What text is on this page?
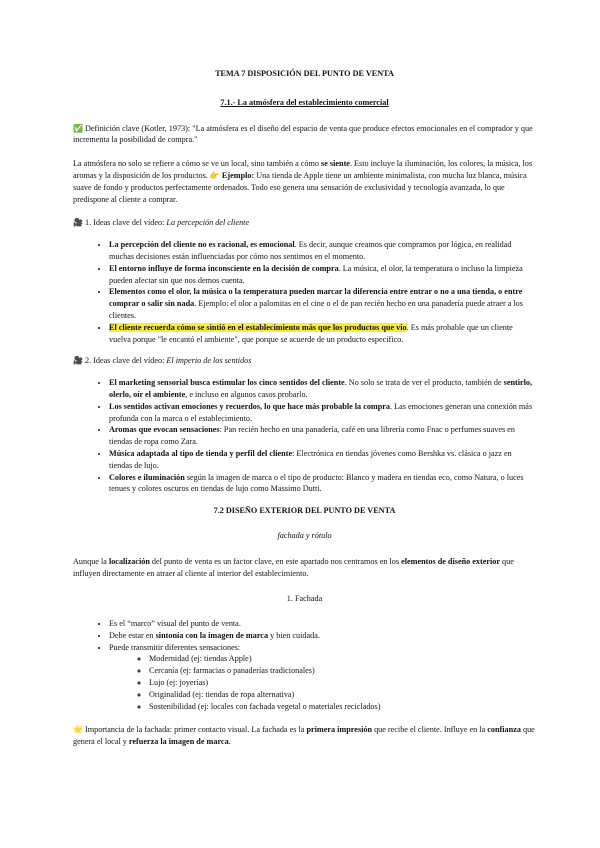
TEMA 7 DISPOSICIÓN DEL PUNTO DE VENTA
7.1.- La atmósfera del establecimiento comercial

✅ Definición clave (Kotler, 1973): "La atmósfera es el diseño del espacio de venta que produce efectos emocionales en el comprador y que incrementa la posibilidad de compra."

La atmósfera no solo se refiere a cómo se ve un local, sino también a cómo se siente. Esto incluye la iluminación, los colores, la música, los aromas y la disposición de los productos. 👉 Ejemplo: Una tienda de Apple tiene un ambiente minimalista, con mucha luz blanca, música suave de fondo y productos perfectamente ordenados. Todo eso genera una sensación de exclusividad y tecnología avanzada, lo que predispone al cliente a comprar.

🎥 1. Ideas clave del vídeo: La percepción del cliente

• La percepción del cliente no es racional, es emocional. Es decir, aunque creamos que compramos por lógica, en realidad muchas decisiones están influenciadas por cómo nos sentimos en el momento.
• El entorno influye de forma inconsciente en la decisión de compra. La música, el olor, la temperatura o incluso la limpieza pueden afectar sin que nos demos cuenta.
• Elementos como el olor, la música o la temperatura pueden marcar la diferencia entre entrar o no a una tienda, o entre comprar o salir sin nada. Ejemplo: el olor a palomitas en el cine o el de pan recién hecho en una panadería puede atraer a los clientes.
• El cliente recuerda cómo se sintió en el establecimiento más que los productos que vio. Es más probable que un cliente vuelva porque "le encantó el ambiente", que porque se acuerde de un producto específico.

🎥 2. Ideas clave del vídeo: El imperio de los sentidos

• El marketing sensorial busca estimular los cinco sentidos del cliente. No solo se trata de ver el producto, también de sentirlo, olerlo, oír el ambiente, e incluso en algunos casos probarlo.
• Los sentidos activan emociones y recuerdos, lo que hace más probable la compra. Las emociones generan una conexión más profunda con la marca o el establecimiento.
• Aromas que evocan sensaciones: Pan recién hecho en una panadería, café en una librería como Fnac o perfumes suaves en tiendas de ropa como Zara.
• Música adaptada al tipo de tienda y perfil del cliente: Electrónica en tiendas jóvenes como Bershka vs. clásica o jazz en tiendas de lujo.
• Colores e iluminación según la imagen de marca o el tipo de producto: Blanco y madera en tiendas eco, como Natura, o luces tenues y colores oscuros en tiendas de lujo como Massimo Dutti.
7.2 DISEÑO EXTERIOR DEL PUNTO DE VENTA
fachada y rótulo

Aunque la localización del punto de venta es un factor clave, en este apartado nos centramos en los elementos de diseño exterior que influyen directamente en atraer al cliente al interior del establecimiento.

1. Fachada
• Es el “marco” visual del punto de venta.
• Debe estar en sintonía con la imagen de marca y bien cuidada.
• Puede transmitir diferentes sensaciones:
◦ Modernidad (ej: tiendas Apple)
◦ Cercanía (ej: farmacias o panaderías tradicionales)
◦ Lujo (ej: joyerías)
◦ Originalidad (ej: tiendas de ropa alternativa)
◦ Sostenibilidad (ej: locales con fachada vegetal o materiales reciclados)

🌟 Importancia de la fachada: primer contacto visual. La fachada es la primera impresión que recibe el cliente. Influye en la confianza que genera el local y refuerza la imagen de marca.
